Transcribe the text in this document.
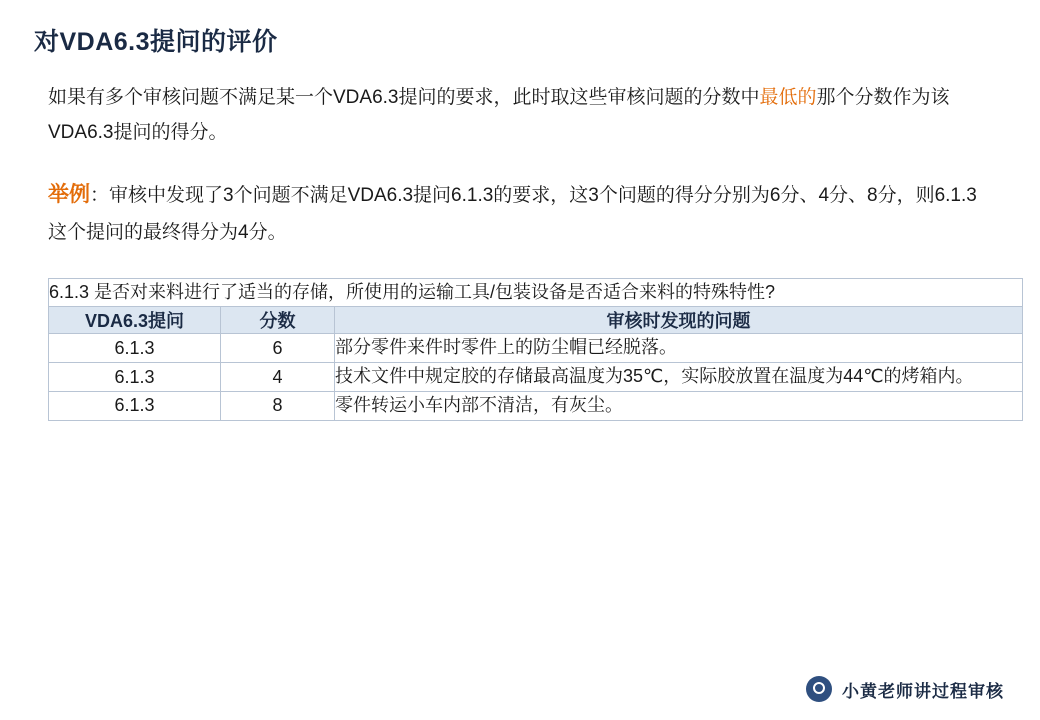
对VDA6.3提问的评价

如果有多个审核问题不满足某一个VDA6.3提问的要求，此时取这些审核问题的分数中最低的那个分数作为该VDA6.3提问的得分。

举例：审核中发现了3个问题不满足VDA6.3提问6.1.3的要求，这3个问题的得分分别为6分、4分、8分，则6.1.3这个提问的最终得分为4分。

6.1.3 是否对来料进行了适当的存储，所使用的运输工具/包装设备是否适合来料的特殊特性?		
VDA6.3提问	分数	审核时发现的问题
6.1.3	6	部分零件来件时零件上的防尘帽已经脱落。
6.1.3	4	技术文件中规定胶的存储最高温度为35℃，实际胶放置在温度为44℃的烤箱内。
6.1.3	8	零件转运小车内部不清洁，有灰尘。
小黄老师讲过程审核
